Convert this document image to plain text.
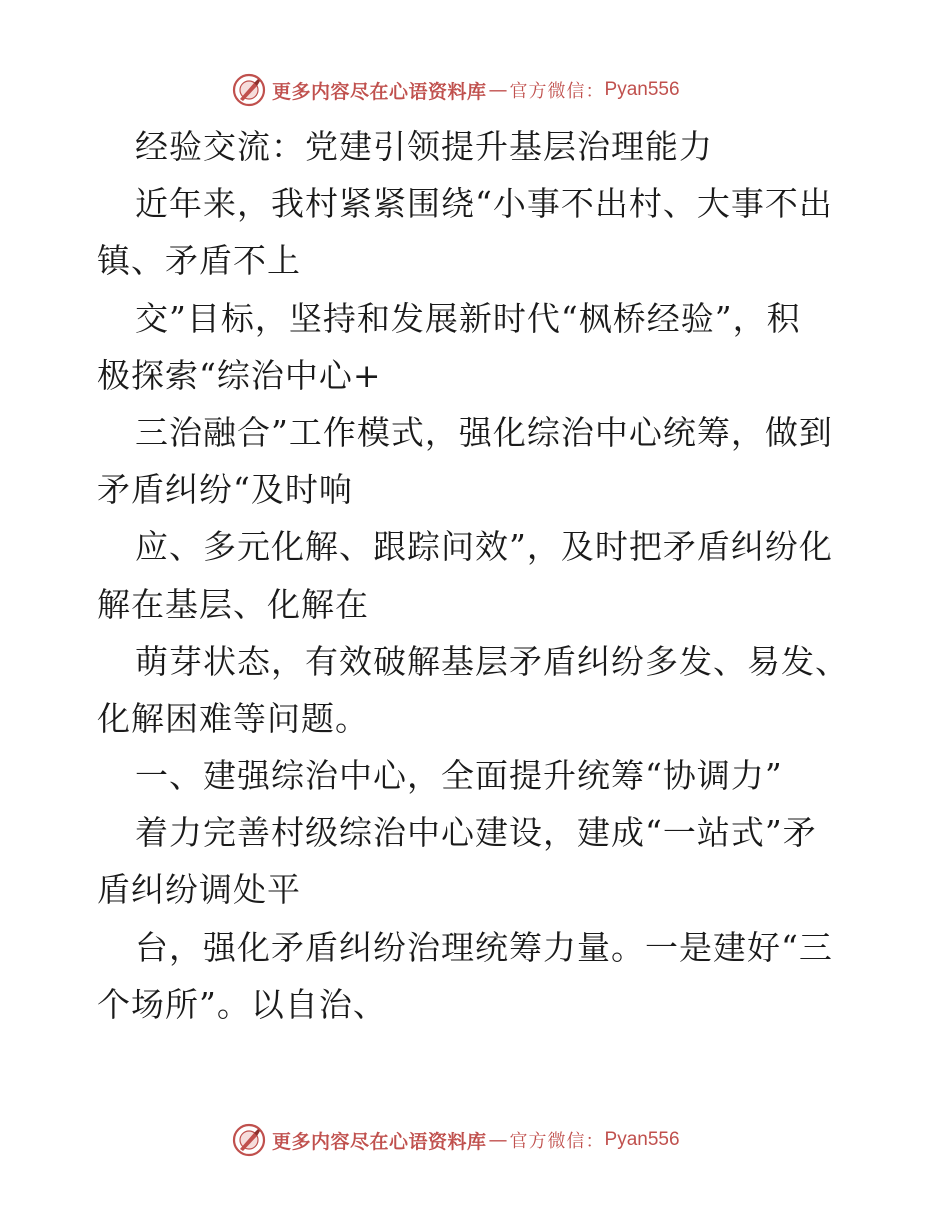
更多内容尽在心语资料库 — 官方微信： Pyan556
经验交流：党建引领提升基层治理能力
近年来，我村紧紧围绕“小事不出村、大事不出
镇、矛盾不上
交”目标，坚持和发展新时代“枫桥经验”，积
极探索“综治中心+
三治融合”工作模式，强化综治中心统筹，做到
矛盾纠纷“及时响
应、多元化解、跟踪问效”，及时把矛盾纠纷化
解在基层、化解在
萌芽状态，有效破解基层矛盾纠纷多发、易发、
化解困难等问题。
一、建强综治中心，全面提升统筹“协调力”
着力完善村级综治中心建设，建成“一站式”矛
盾纠纷调处平
台，强化矛盾纠纷治理统筹力量。一是建好“三
个场所”。以自治、
更多内容尽在心语资料库 — 官方微信： Pyan556
